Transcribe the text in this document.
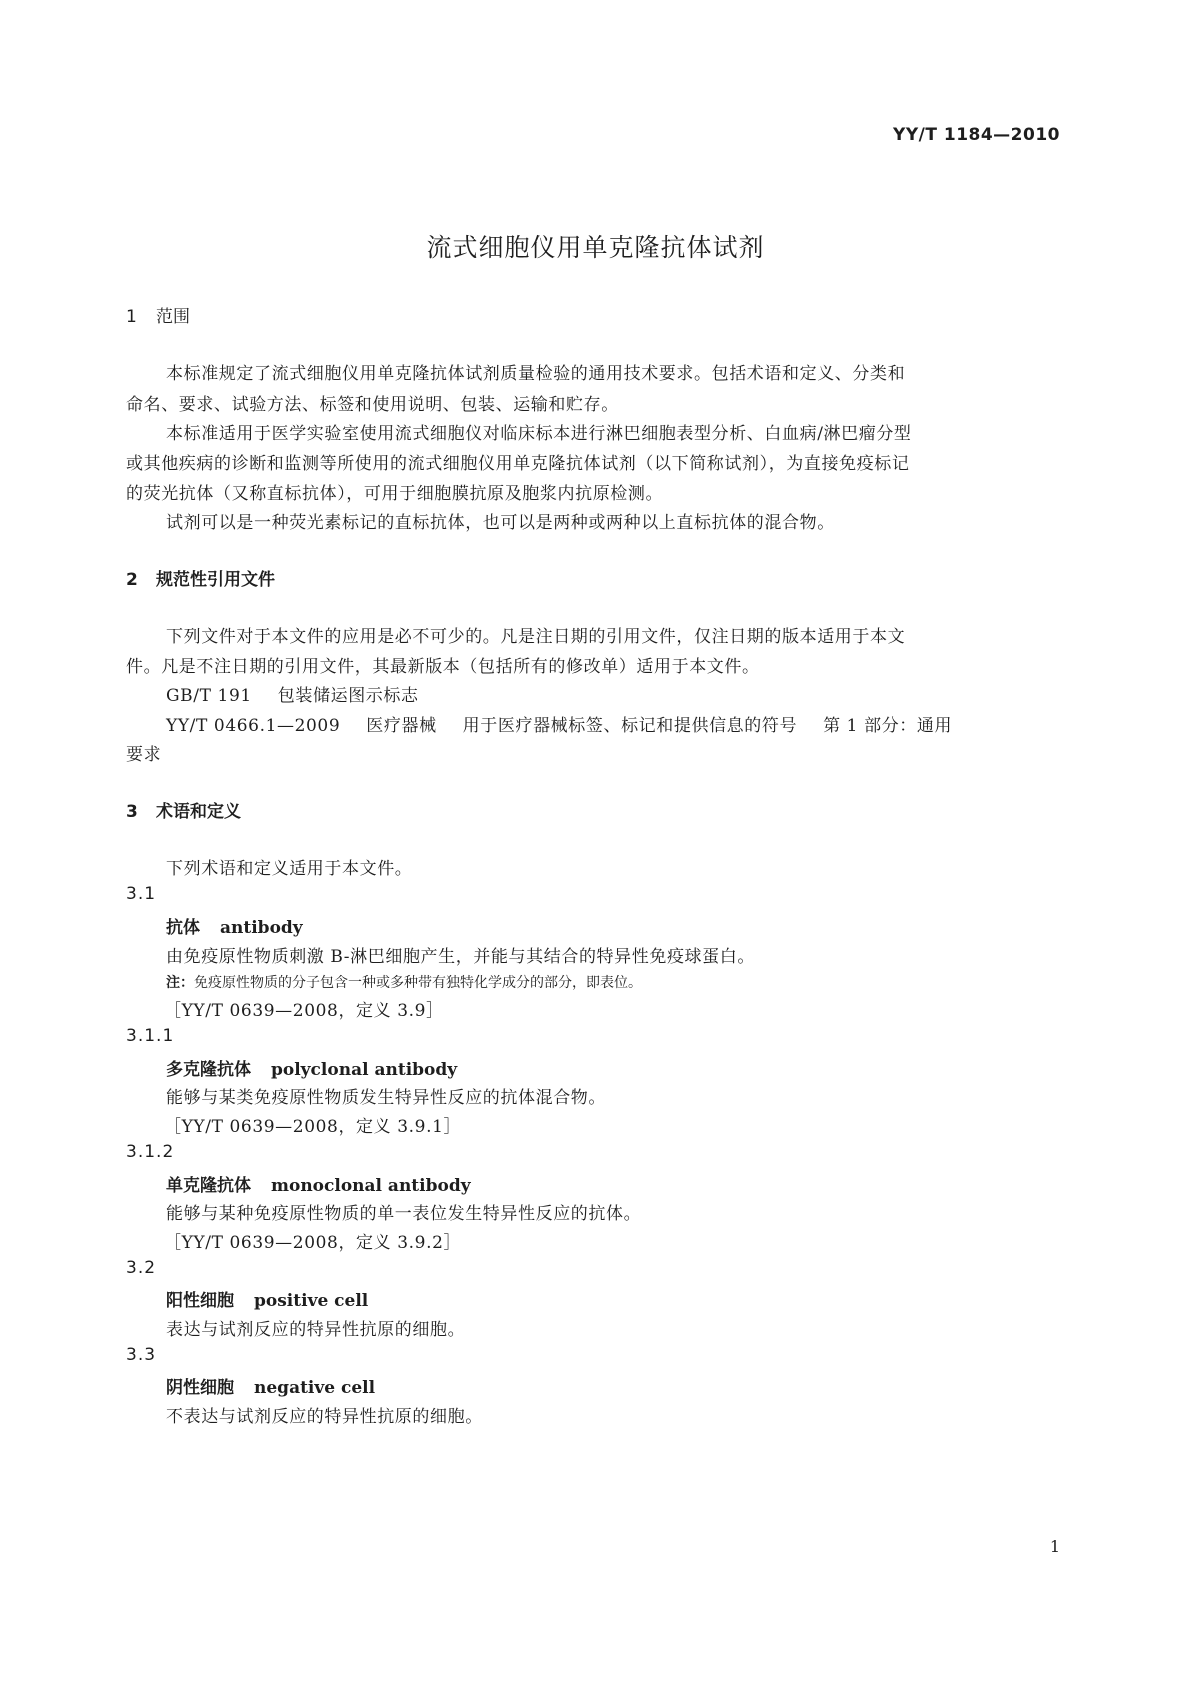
YY/T 1184—2010
流式细胞仪用单克隆抗体试剂
1 范围
本标准规定了流式细胞仪用单克隆抗体试剂质量检验的通用技术要求。包括术语和定义、分类和
命名、要求、试验方法、标签和使用说明、包装、运输和贮存。
本标准适用于医学实验室使用流式细胞仪对临床标本进行淋巴细胞表型分析、白血病/淋巴瘤分型
或其他疾病的诊断和监测等所使用的流式细胞仪用单克隆抗体试剂（以下简称试剂），为直接免疫标记
的荧光抗体（又称直标抗体），可用于细胞膜抗原及胞浆内抗原检测。
试剂可以是一种荧光素标记的直标抗体，也可以是两种或两种以上直标抗体的混合物。
2 规范性引用文件
下列文件对于本文件的应用是必不可少的。凡是注日期的引用文件，仅注日期的版本适用于本文
件。凡是不注日期的引用文件，其最新版本（包括所有的修改单）适用于本文件。
GB/T 191 包装储运图示标志
YY/T 0466.1—2009 医疗器械 用于医疗器械标签、标记和提供信息的符号 第 1 部分：通用
要求
3 术语和定义
下列术语和定义适用于本文件。
3.1
抗体 antibody
由免疫原性物质刺激 B-淋巴细胞产生，并能与其结合的特异性免疫球蛋白。
注：免疫原性物质的分子包含一种或多种带有独特化学成分的部分，即表位。
［YY/T 0639—2008，定义 3.9］
3.1.1
多克隆抗体 polyclonal antibody
能够与某类免疫原性物质发生特异性反应的抗体混合物。
［YY/T 0639—2008，定义 3.9.1］
3.1.2
单克隆抗体 monoclonal antibody
能够与某种免疫原性物质的单一表位发生特异性反应的抗体。
［YY/T 0639—2008，定义 3.9.2］
3.2
阳性细胞 positive cell
表达与试剂反应的特异性抗原的细胞。
3.3
阴性细胞 negative cell
不表达与试剂反应的特异性抗原的细胞。
1
